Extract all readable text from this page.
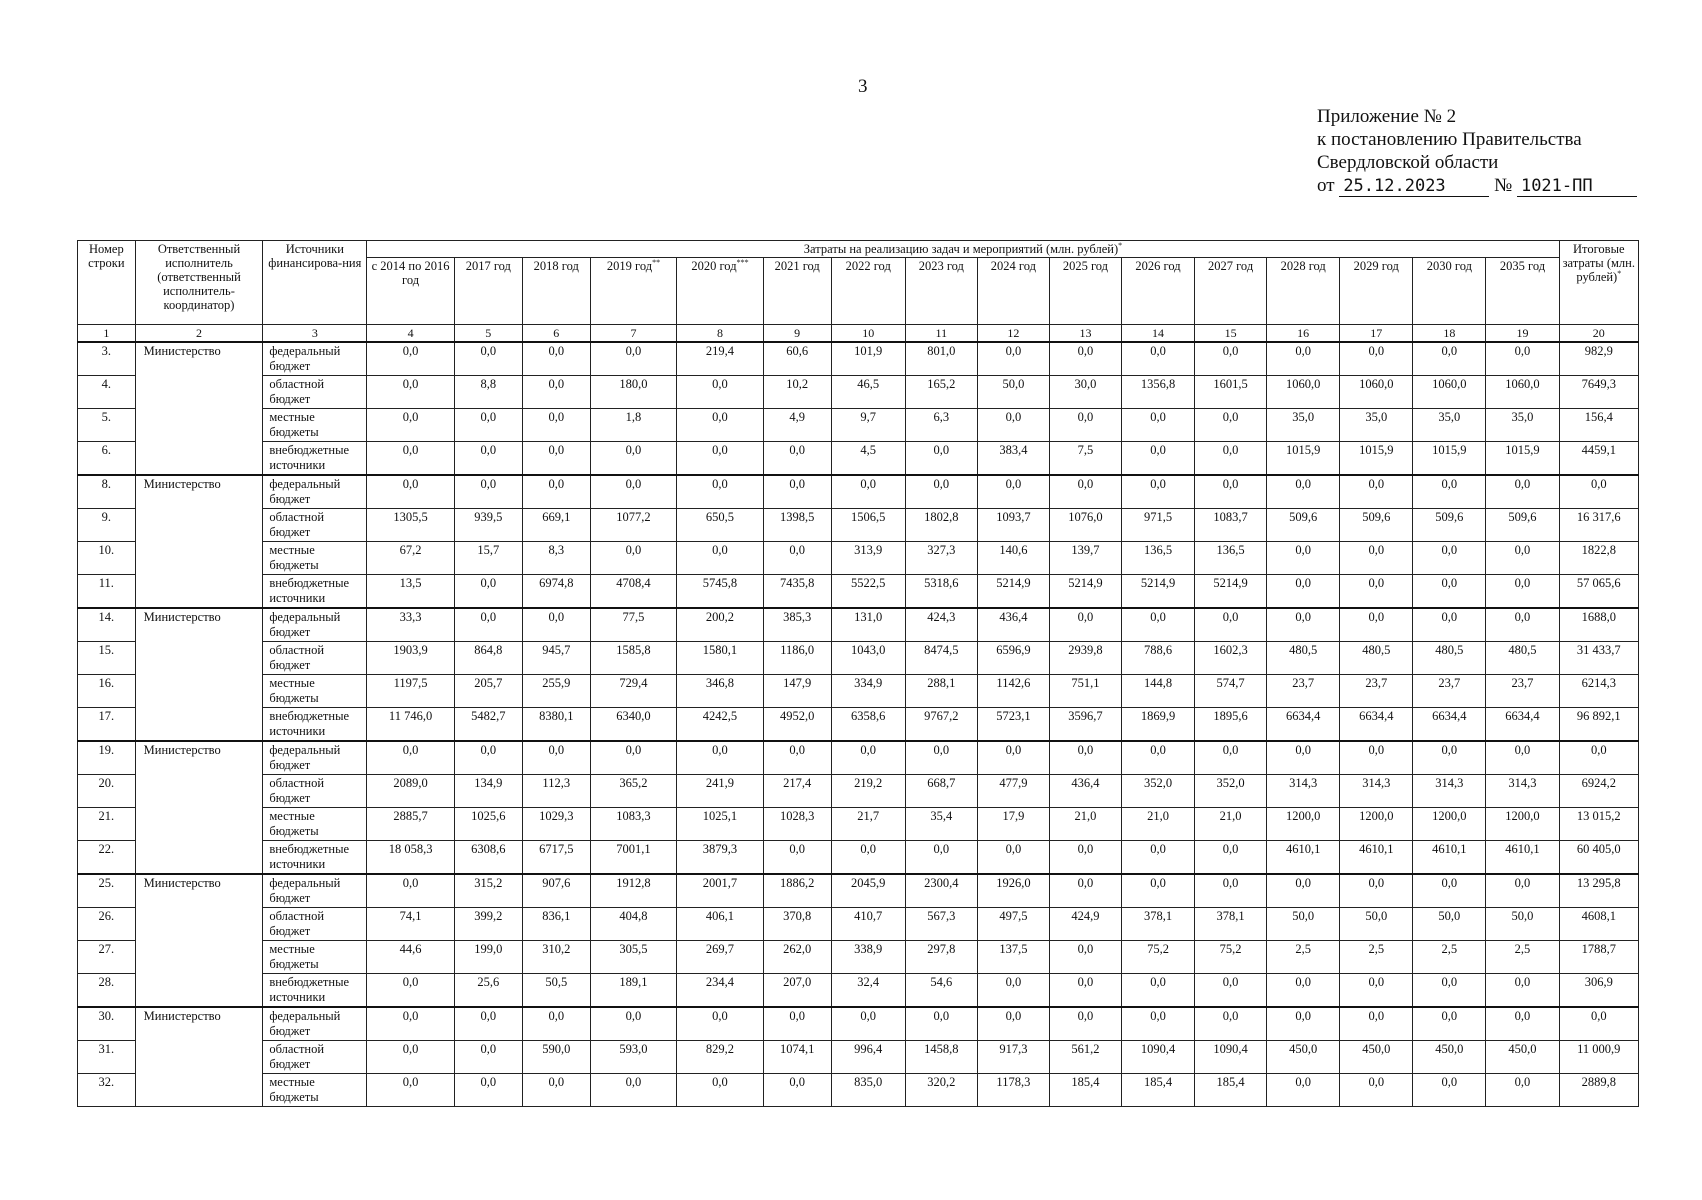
3
Приложение № 2
к постановлению Правительства
Свердловской области
от 25.12.2023	№ 1021-ПП
Номер строки	Ответственный исполнитель (ответственный исполнитель-координатор)	Источники финансирова-ния	Затраты на реализацию задач и мероприятий (млн. рублей)*																Итоговые затраты (млн. рублей)*
			с 2014 по 2016 год	2017 год	2018 год	2019 год**	2020 год***	2021 год	2022 год	2023 год	2024 год	2025 год	2026 год	2027 год	2028 год	2029 год	2030 год	2035 год	
1	2	3	4	5	6	7	8	9	10	11	12	13	14	15	16	17	18	19	20
3.	Министерство	федеральный бюджет	0,0	0,0	0,0	0,0	219,4	60,6	101,9	801,0	0,0	0,0	0,0	0,0	0,0	0,0	0,0	0,0	982,9
4.		областной бюджет	0,0	8,8	0,0	180,0	0,0	10,2	46,5	165,2	50,0	30,0	1356,8	1601,5	1060,0	1060,0	1060,0	1060,0	7649,3
5.		местные бюджеты	0,0	0,0	0,0	1,8	0,0	4,9	9,7	6,3	0,0	0,0	0,0	0,0	35,0	35,0	35,0	35,0	156,4
6.		внебюджетные источники	0,0	0,0	0,0	0,0	0,0	0,0	4,5	0,0	383,4	7,5	0,0	0,0	1015,9	1015,9	1015,9	1015,9	4459,1
8.	Министерство	федеральный бюджет	0,0	0,0	0,0	0,0	0,0	0,0	0,0	0,0	0,0	0,0	0,0	0,0	0,0	0,0	0,0	0,0	0,0
9.		областной бюджет	1305,5	939,5	669,1	1077,2	650,5	1398,5	1506,5	1802,8	1093,7	1076,0	971,5	1083,7	509,6	509,6	509,6	509,6	16 317,6
10.		местные бюджеты	67,2	15,7	8,3	0,0	0,0	0,0	313,9	327,3	140,6	139,7	136,5	136,5	0,0	0,0	0,0	0,0	1822,8
11.		внебюджетные источники	13,5	0,0	6974,8	4708,4	5745,8	7435,8	5522,5	5318,6	5214,9	5214,9	5214,9	5214,9	0,0	0,0	0,0	0,0	57 065,6
14.	Министерство	федеральный бюджет	33,3	0,0	0,0	77,5	200,2	385,3	131,0	424,3	436,4	0,0	0,0	0,0	0,0	0,0	0,0	0,0	1688,0
15.		областной бюджет	1903,9	864,8	945,7	1585,8	1580,1	1186,0	1043,0	8474,5	6596,9	2939,8	788,6	1602,3	480,5	480,5	480,5	480,5	31 433,7
16.		местные бюджеты	1197,5	205,7	255,9	729,4	346,8	147,9	334,9	288,1	1142,6	751,1	144,8	574,7	23,7	23,7	23,7	23,7	6214,3
17.		внебюджетные источники	11 746,0	5482,7	8380,1	6340,0	4242,5	4952,0	6358,6	9767,2	5723,1	3596,7	1869,9	1895,6	6634,4	6634,4	6634,4	6634,4	96 892,1
19.	Министерство	федеральный бюджет	0,0	0,0	0,0	0,0	0,0	0,0	0,0	0,0	0,0	0,0	0,0	0,0	0,0	0,0	0,0	0,0	0,0
20.		областной бюджет	2089,0	134,9	112,3	365,2	241,9	217,4	219,2	668,7	477,9	436,4	352,0	352,0	314,3	314,3	314,3	314,3	6924,2
21.		местные бюджеты	2885,7	1025,6	1029,3	1083,3	1025,1	1028,3	21,7	35,4	17,9	21,0	21,0	21,0	1200,0	1200,0	1200,0	1200,0	13 015,2
22.		внебюджетные источники	18 058,3	6308,6	6717,5	7001,1	3879,3	0,0	0,0	0,0	0,0	0,0	0,0	0,0	4610,1	4610,1	4610,1	4610,1	60 405,0
25.	Министерство	федеральный бюджет	0,0	315,2	907,6	1912,8	2001,7	1886,2	2045,9	2300,4	1926,0	0,0	0,0	0,0	0,0	0,0	0,0	0,0	13 295,8
26.		областной бюджет	74,1	399,2	836,1	404,8	406,1	370,8	410,7	567,3	497,5	424,9	378,1	378,1	50,0	50,0	50,0	50,0	4608,1
27.		местные бюджеты	44,6	199,0	310,2	305,5	269,7	262,0	338,9	297,8	137,5	0,0	75,2	75,2	2,5	2,5	2,5	2,5	1788,7
28.		внебюджетные источники	0,0	25,6	50,5	189,1	234,4	207,0	32,4	54,6	0,0	0,0	0,0	0,0	0,0	0,0	0,0	0,0	306,9
30.	Министерство	федеральный бюджет	0,0	0,0	0,0	0,0	0,0	0,0	0,0	0,0	0,0	0,0	0,0	0,0	0,0	0,0	0,0	0,0	0,0
31.		областной бюджет	0,0	0,0	590,0	593,0	829,2	1074,1	996,4	1458,8	917,3	561,2	1090,4	1090,4	450,0	450,0	450,0	450,0	11 000,9
32.		местные бюджеты	0,0	0,0	0,0	0,0	0,0	0,0	835,0	320,2	1178,3	185,4	185,4	185,4	0,0	0,0	0,0	0,0	2889,8
